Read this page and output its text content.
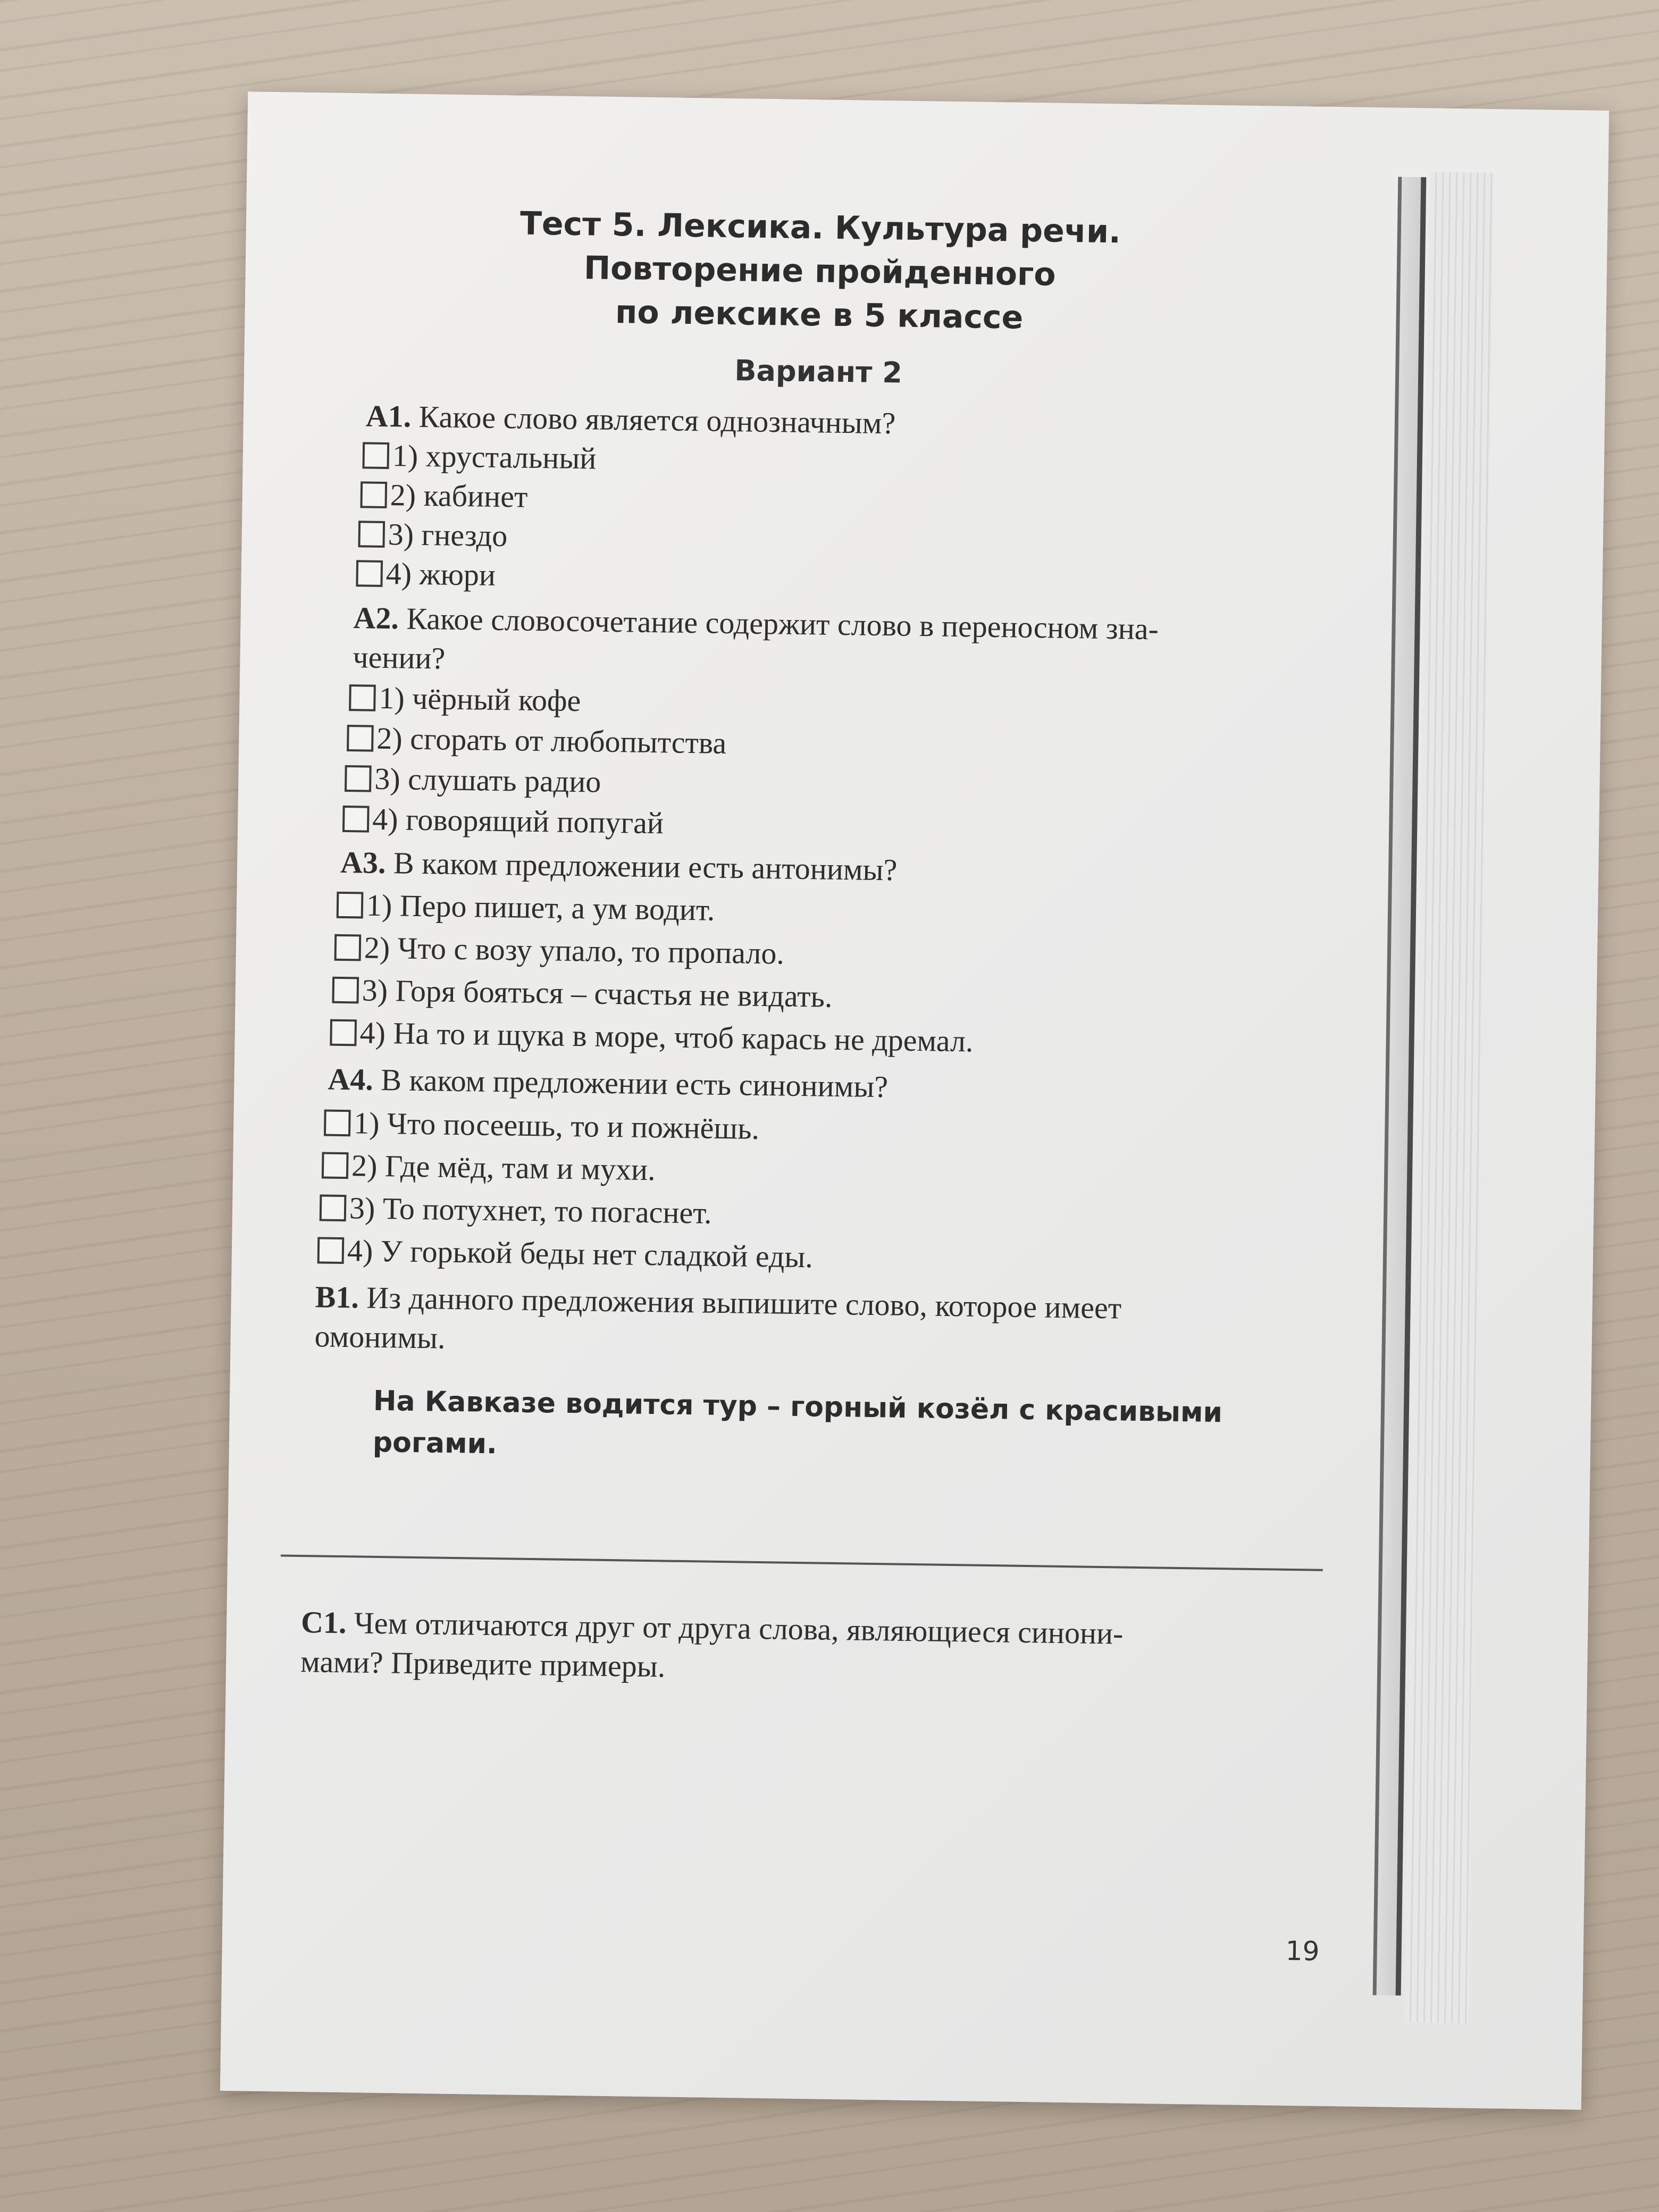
Тест 5. Лексика. Культура речи.
Повторение пройденного
по лексике в 5 классе
Вариант 2
А1. Какое слово является однозначным?
1) хрустальный
2) кабинет
3) гнездо
4) жюри
А2. Какое словосочетание содержит слово в переносном зна-
чении?
1) чёрный кофе
2) сгорать от любопытства
3) слушать радио
4) говорящий попугай
А3. В каком предложении есть антонимы?
1) Перо пишет, а ум водит.
2) Что с возу упало, то пропало.
3) Горя бояться – счастья не видать.
4) На то и щука в море, чтоб карась не дремал.
А4. В каком предложении есть синонимы?
1) Что посеешь, то и пожнёшь.
2) Где мёд, там и мухи.
3) То потухнет, то погаснет.
4) У горькой беды нет сладкой еды.
В1. Из данного предложения выпишите слово, которое имеет
омонимы.
На Кавказе водится тур – горный козёл с красивыми
рогами.
С1. Чем отличаются друг от друга слова, являющиеся синони-
мами? Приведите примеры.
19
